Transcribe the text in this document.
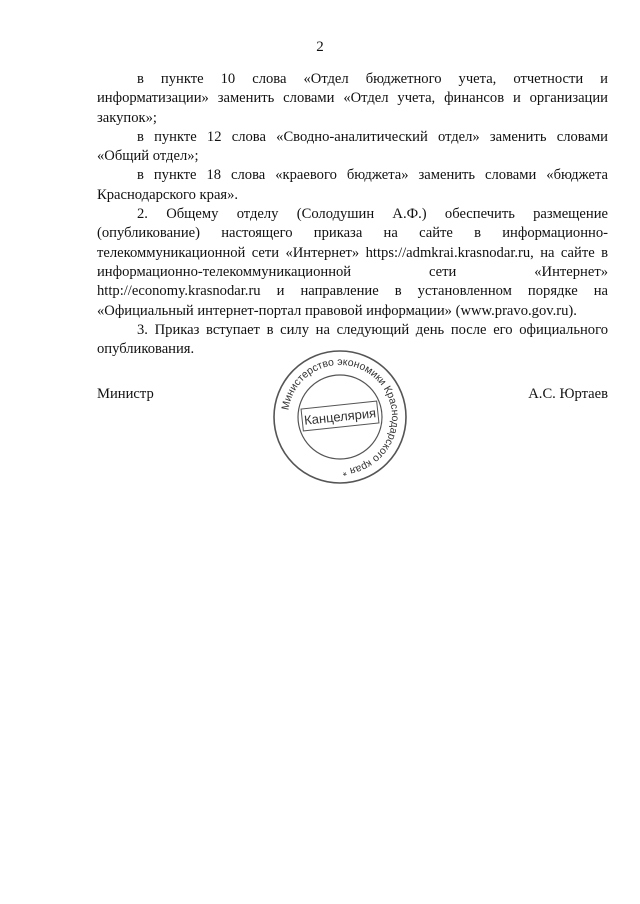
2

в пункте 10 слова «Отдел бюджетного учета, отчетности и информатизации» заменить словами «Отдел учета, финансов и организации закупок»;

в пункте 12 слова «Сводно-аналитический отдел» заменить словами «Общий отдел»;

в пункте 18 слова «краевого бюджета» заменить словами «бюджета Краснодарского края».

2. Общему отделу (Солодушин А.Ф.) обеспечить размещение (опубликование) настоящего приказа на сайте в информационно-телекоммуникационной сети «Интернет» https://admkrai.krasnodar.ru, на сайте в информационно-телекоммуникационной сети «Интернет» http://economy.krasnodar.ru и направление в установленном порядке на «Официальный интернет-портал правовой информации» (www.pravo.gov.ru).

3. Приказ вступает в силу на следующий день после его официального опубликования.

Министр	А.С. Юртаев
Министерство экономики Краснодарского края *
Канцелярия
